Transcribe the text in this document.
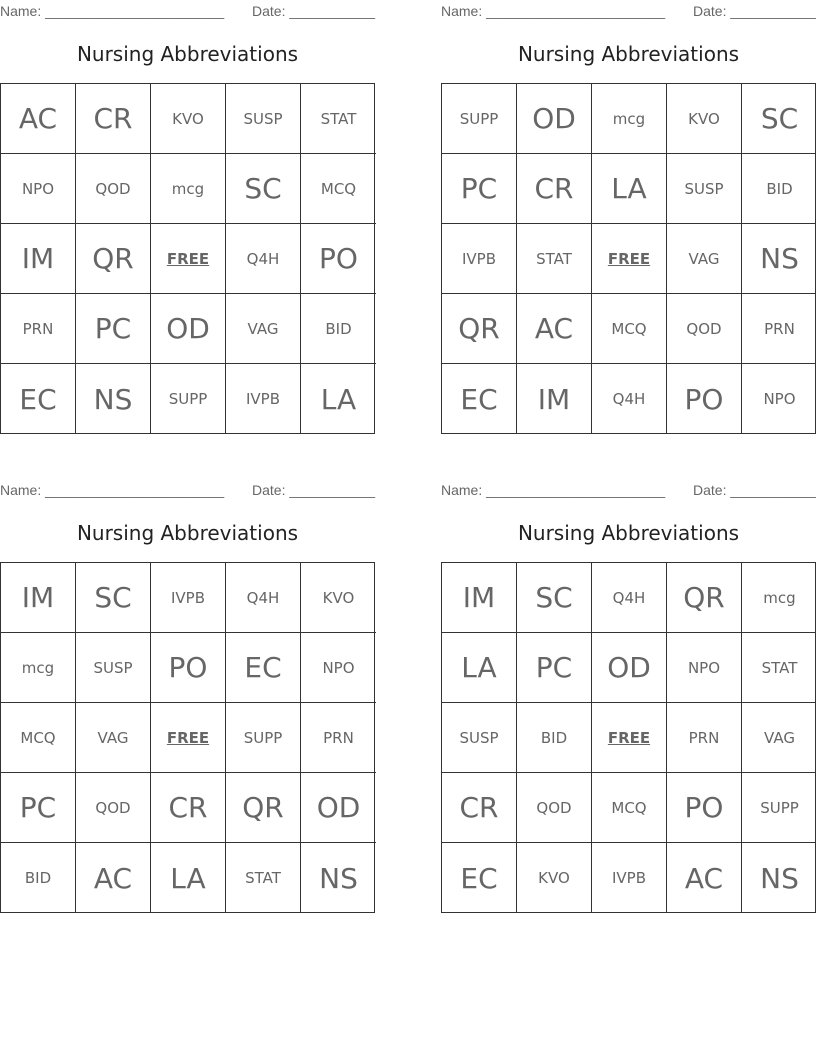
Name: _______________________ Date: ___________
Nursing Abbreviations
AC	CR	KVO	SUSP	STAT
NPO	QOD	mcg	SC	MCQ
IM	QR	FREE	Q4H	PO
PRN	PC	OD	VAG	BID
EC	NS	SUPP	IVPB	LA
Name: _______________________ Date: ___________
Nursing Abbreviations
SUPP	OD	mcg	KVO	SC
PC	CR	LA	SUSP	BID
IVPB	STAT	FREE	VAG	NS
QR	AC	MCQ	QOD	PRN
EC	IM	Q4H	PO	NPO
Name: _______________________ Date: ___________
Nursing Abbreviations
IM	SC	IVPB	Q4H	KVO
mcg	SUSP	PO	EC	NPO
MCQ	VAG	FREE	SUPP	PRN
PC	QOD	CR	QR	OD
BID	AC	LA	STAT	NS
Name: _______________________ Date: ___________
Nursing Abbreviations
IM	SC	Q4H	QR	mcg
LA	PC	OD	NPO	STAT
SUSP	BID	FREE	PRN	VAG
CR	QOD	MCQ	PO	SUPP
EC	KVO	IVPB	AC	NS
